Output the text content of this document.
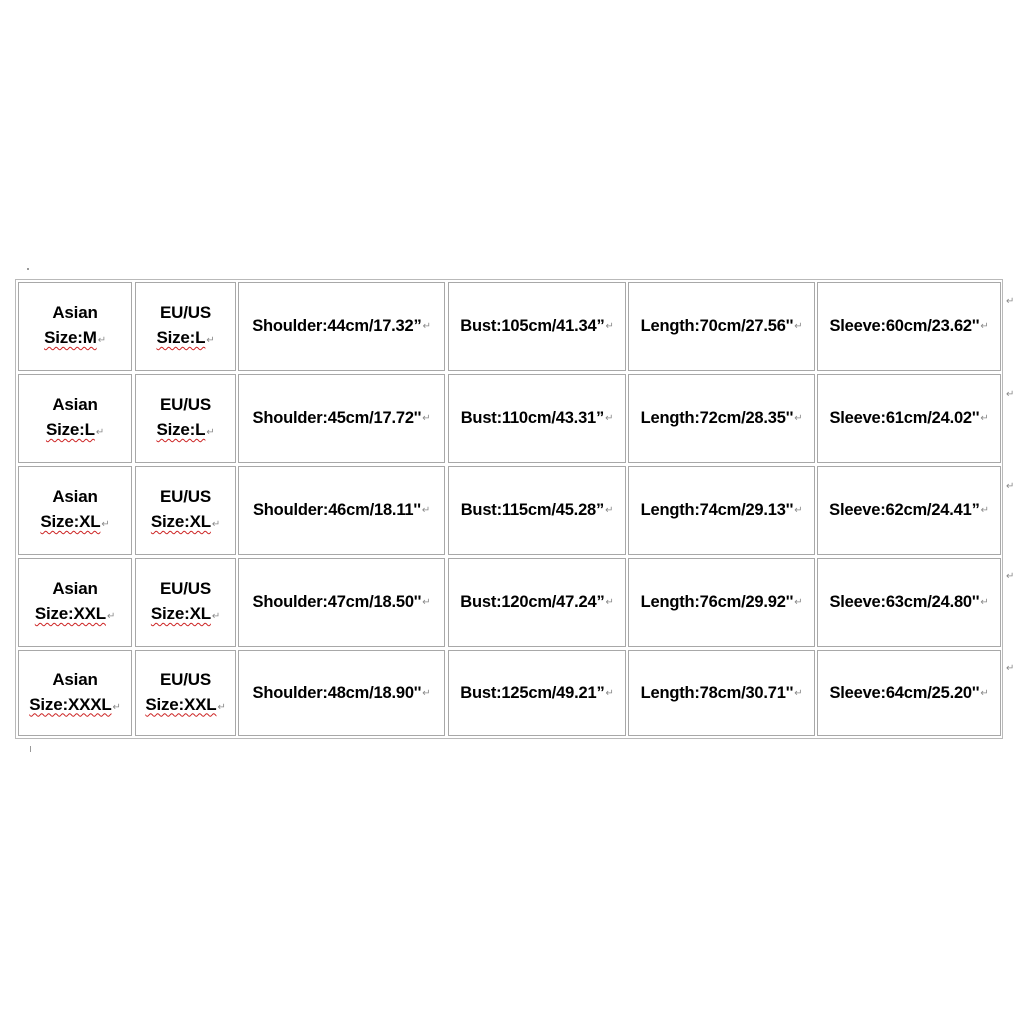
Asian
Size:M↵
EU/US
Size:L↵
Shoulder:44cm/17.32” ↵ Bust:105cm/41.34” ↵ Length:70cm/27.56'' ↵ Sleeve:60cm/23.62'' ↵
Asian
Size:L↵
EU/US
Size:L↵
Shoulder:45cm/17.72'' ↵ Bust:110cm/43.31” ↵ Length:72cm/28.35'' ↵ Sleeve:61cm/24.02'' ↵
Asian
Size:XL↵
EU/US
Size:XL↵
Shoulder:46cm/18.11'' ↵ Bust:115cm/45.28” ↵ Length:74cm/29.13'' ↵ Sleeve:62cm/24.41” ↵
Asian
Size:XXL↵
EU/US
Size:XL↵
Shoulder:47cm/18.50'' ↵ Bust:120cm/47.24” ↵ Length:76cm/29.92'' ↵ Sleeve:63cm/24.80'' ↵
Asian
Size:XXXL↵
EU/US
Size:XXL↵
Shoulder:48cm/18.90'' ↵ Bust:125cm/49.21” ↵ Length:78cm/30.71'' ↵ Sleeve:64cm/25.20'' ↵
↵
↵
↵
↵
↵
